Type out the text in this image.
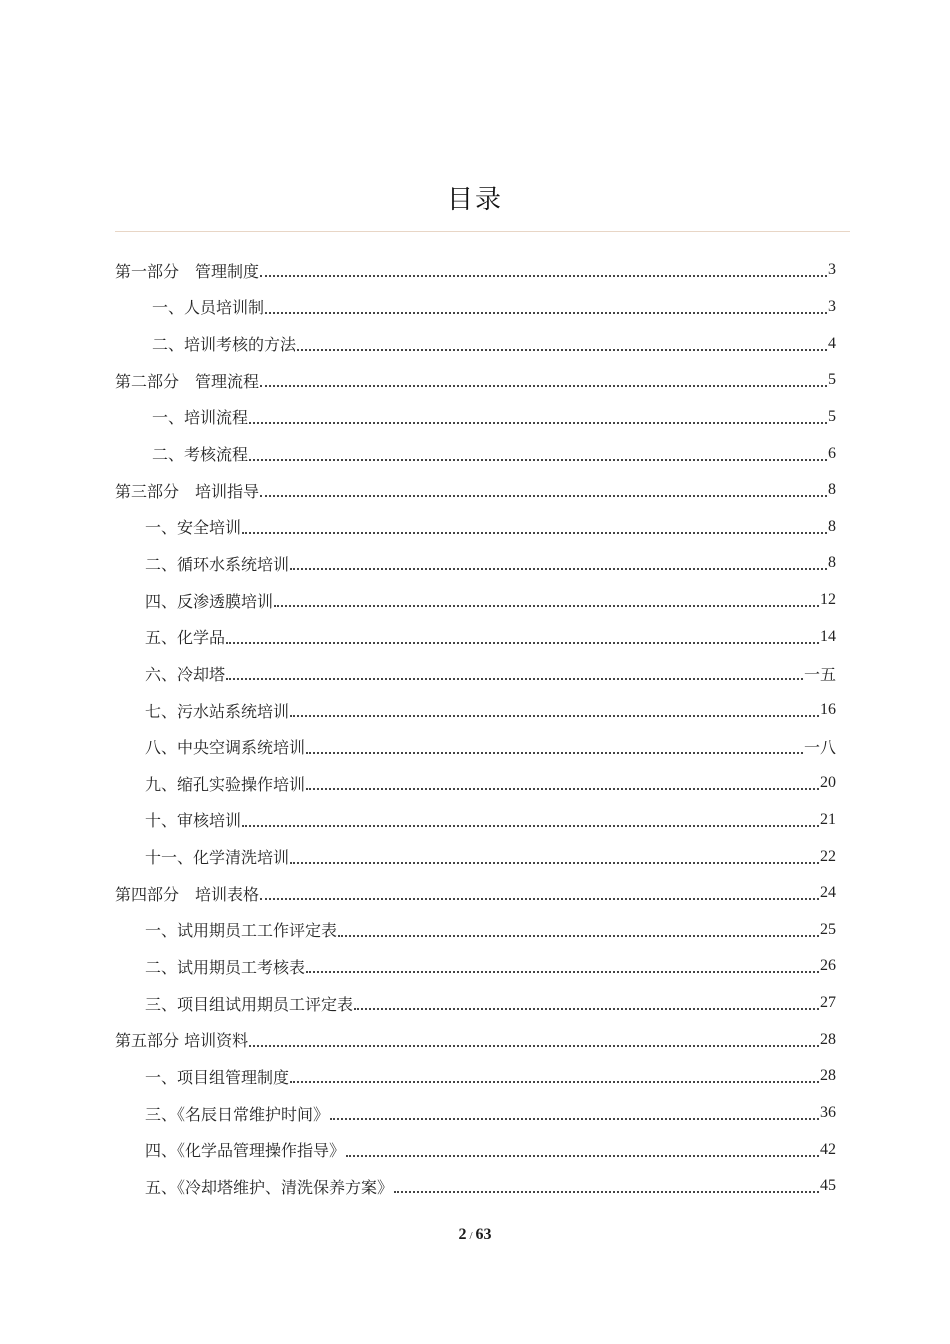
目录
第一部分　管理制度	3
一、人员培训制	3
二、培训考核的方法	4
第二部分　管理流程	5
一、培训流程	5
二、考核流程	6
第三部分　培训指导	8
一、安全培训	8
二、循环水系统培训	8
四、反渗透膜培训	12
五、化学品	14
六、冷却塔	一五
七、污水站系统培训	16
八、中央空调系统培训	一八
九、缩孔实验操作培训	20
十、审核培训	21
十一、化学清洗培训	22
第四部分　培训表格	24
一、试用期员工工作评定表	25
二、试用期员工考核表	26
三、项目组试用期员工评定表	27
第五部分 培训资料	28
一、项目组管理制度	28
三、《名辰日常维护时间》	36
四、《化学品管理操作指导》	42
五、《冷却塔维护、清洗保养方案》	45
2 / 63
